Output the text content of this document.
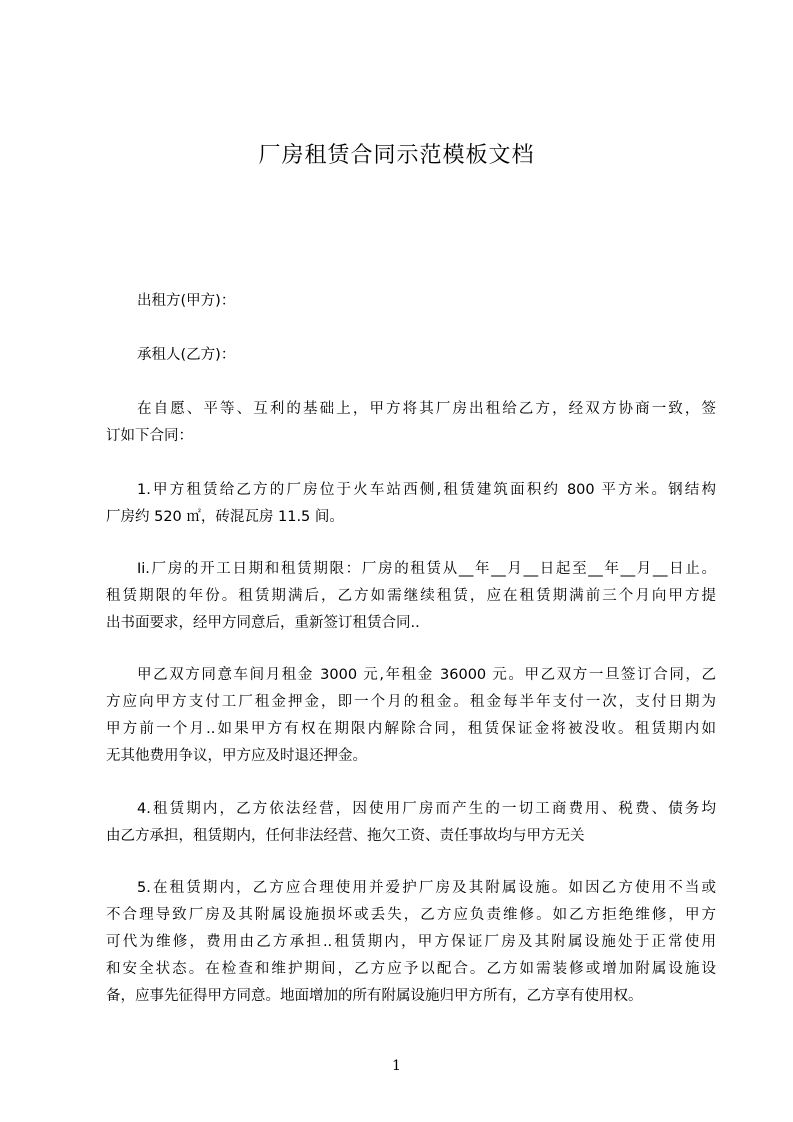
厂房租赁合同示范模板文档
出租方(甲方)：
承租人(乙方)：
在自愿、平等、互利的基础上，甲方将其厂房出租给乙方，经双方协商一致，签
订如下合同：
1.甲方租赁给乙方的厂房位于火车站西侧,租赁建筑面积约 800 平方米。钢结构
厂房约 520 ㎡，砖混瓦房 11.5 间。
Ii.厂房的开工日期和租赁期限：厂房的租赁从__年__月__日起至__年__月__日止。
租赁期限的年份。租赁期满后，乙方如需继续租赁，应在租赁期满前三个月向甲方提
出书面要求，经甲方同意后，重新签订租赁合同..
甲乙双方同意车间月租金 3000 元,年租金 36000 元。甲乙双方一旦签订合同，乙
方应向甲方支付工厂租金押金，即一个月的租金。租金每半年支付一次，支付日期为
甲方前一个月..如果甲方有权在期限内解除合同，租赁保证金将被没收。租赁期内如
无其他费用争议，甲方应及时退还押金。
4.租赁期内，乙方依法经营，因使用厂房而产生的一切工商费用、税费、债务均
由乙方承担，租赁期内，任何非法经营、拖欠工资、责任事故均与甲方无关
5.在租赁期内，乙方应合理使用并爱护厂房及其附属设施。如因乙方使用不当或
不合理导致厂房及其附属设施损坏或丢失，乙方应负责维修。如乙方拒绝维修，甲方
可代为维修，费用由乙方承担..租赁期内，甲方保证厂房及其附属设施处于正常使用
和安全状态。在检查和维护期间，乙方应予以配合。乙方如需装修或增加附属设施设
备，应事先征得甲方同意。地面增加的所有附属设施归甲方所有，乙方享有使用权。
1
